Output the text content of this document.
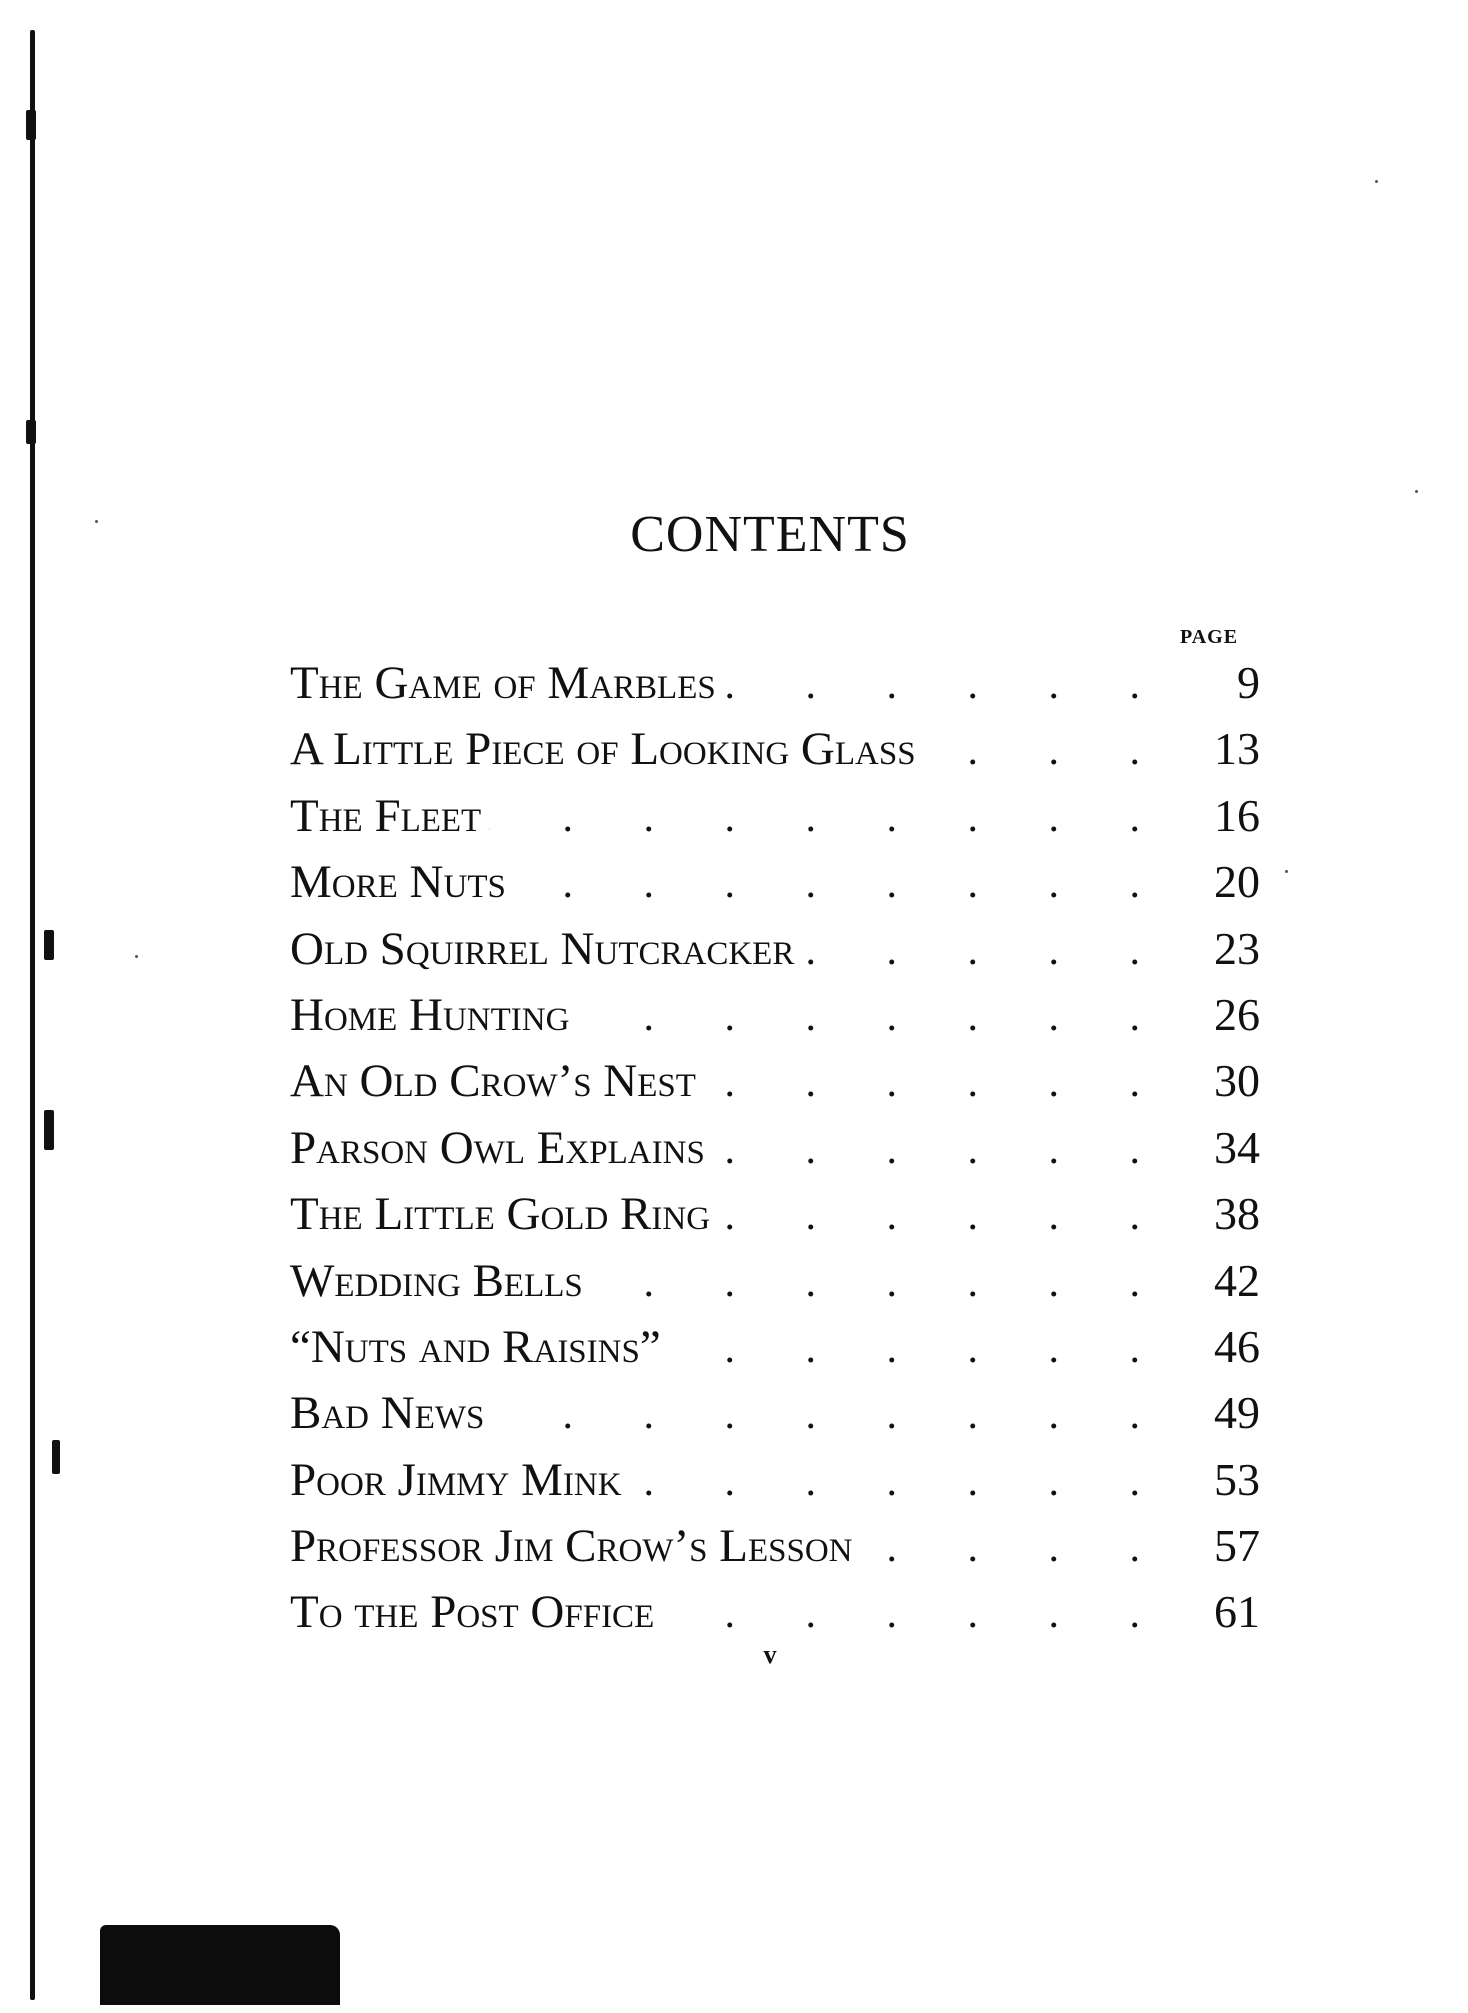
CONTENTS
PAGE
The Game of Marbles . . .	9
A Little Piece of Looking Glass . . .	13
The Fleet . . .	16
More Nuts . . .	20
Old Squirrel Nutcracker . . .	23
Home Hunting . . .	26
An Old Crow’s Nest . . .	30
Parson Owl Explains . . .	34
The Little Gold Ring . . .	38
Wedding Bells . . .	42
“Nuts and Raisins” . . .	46
Bad News . . .	49
Poor Jimmy Mink . . .	53
Professor Jim Crow’s Lesson . . .	57
To the Post Office . . .	61
v
